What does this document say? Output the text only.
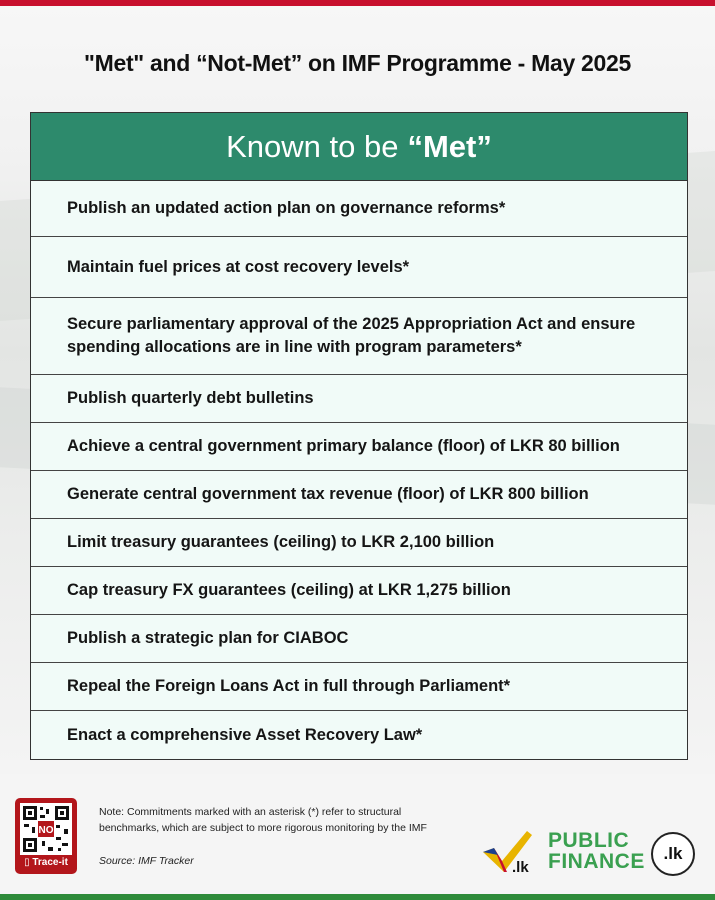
"Met" and “Not-Met” on IMF Programme - May 2025
Known to be “Met”
Publish an updated action plan on governance reforms*
Maintain fuel prices at cost recovery levels*
Secure parliamentary approval of the 2025 Appropriation Act and ensure spending allocations are in line with program parameters*
Publish quarterly debt bulletins
Achieve a central government primary balance (floor) of LKR 80 billion
Generate central government tax revenue (floor) of LKR 800 billion
Limit treasury guarantees (ceiling) to LKR 2,100 billion
Cap treasury FX guarantees (ceiling) at LKR 1,275 billion
Publish a strategic plan for CIABOC
Repeal the Foreign Loans Act in full through Parliament*
Enact a comprehensive Asset Recovery Law*
NO
▯ Trace-it
Note: Commitments marked with an asterisk (*) refer to structural benchmarks, which are subject to more rigorous monitoring by the IMF
Source: IMF Tracker	.lk
PUBLIC
FINANCE	.lk
